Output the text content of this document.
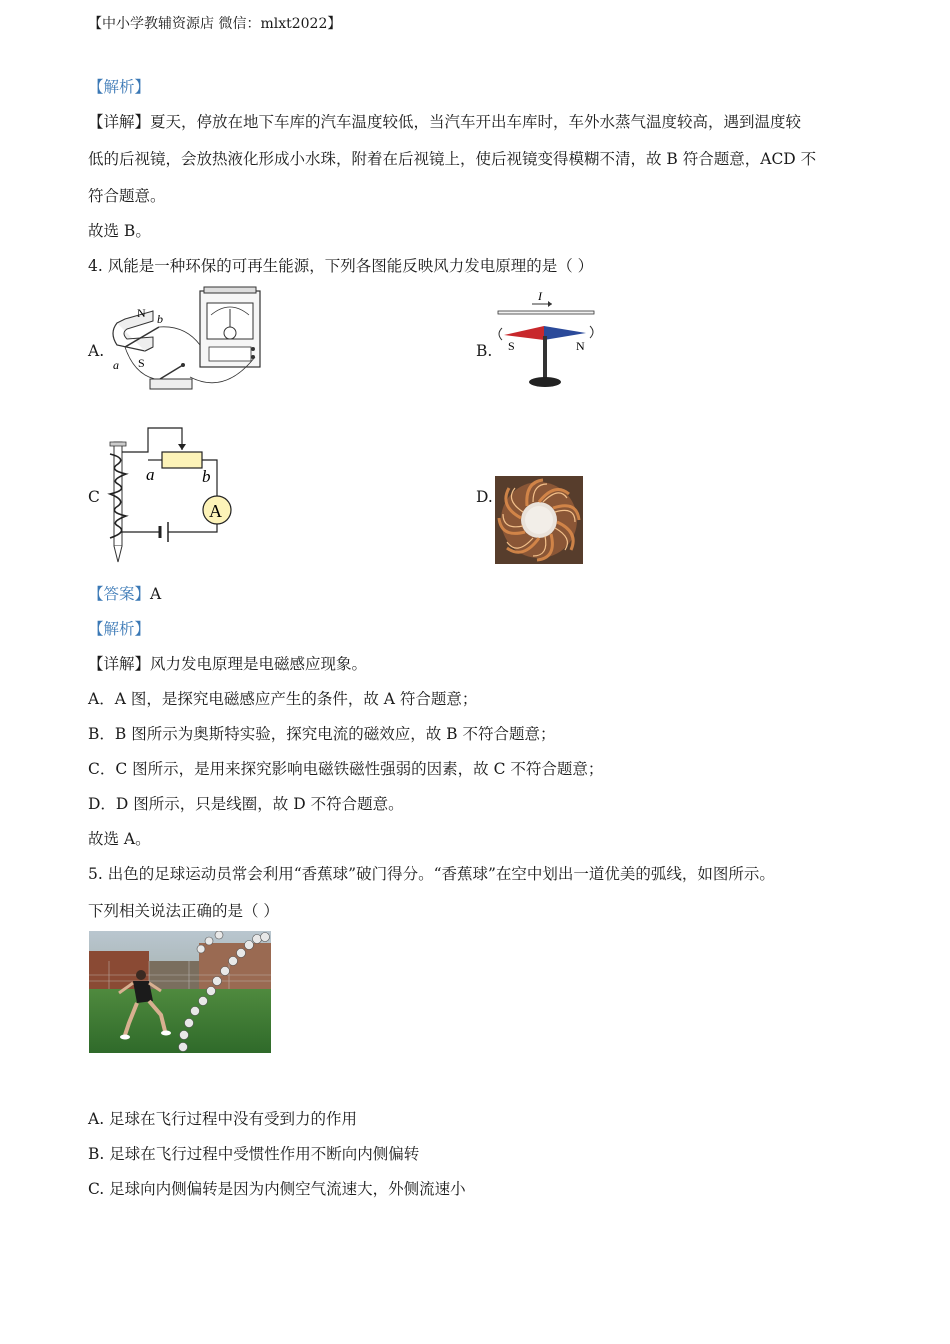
【中小学教辅资源店 微信：mlxt2022】
【解析】
【详解】夏天，停放在地下车库的汽车温度较低，当汽车开出车库时，车外水蒸气温度较高，遇到温度较
低的后视镜，会放热液化形成小水珠，附着在后视镜上，使后视镜变得模糊不清，故 B 符合题意，ACD 不
符合题意。
故选 B。
4. 风能是一种环保的可再生能源，下列各图能反映风力发电原理的是（ ）
A.
N
S
a
b
B.
I
S	N
C
a	b
A
D.
【答案】A
【解析】
【详解】风力发电原理是电磁感应现象。
A．A 图，是探究电磁感应产生的条件，故 A 符合题意；
B．B 图所示为奥斯特实验，探究电流的磁效应，故 B 不符合题意；
C．C 图所示，是用来探究影响电磁铁磁性强弱的因素，故 C 不符合题意；
D．D 图所示，只是线圈，故 D 不符合题意。
故选 A。
5. 出色的足球运动员常会利用“香蕉球”破门得分。“香蕉球”在空中划出一道优美的弧线，如图所示。
下列相关说法正确的是（ ）
A. 足球在飞行过程中没有受到力的作用
B. 足球在飞行过程中受惯性作用不断向内侧偏转
C. 足球向内侧偏转是因为内侧空气流速大，外侧流速小
